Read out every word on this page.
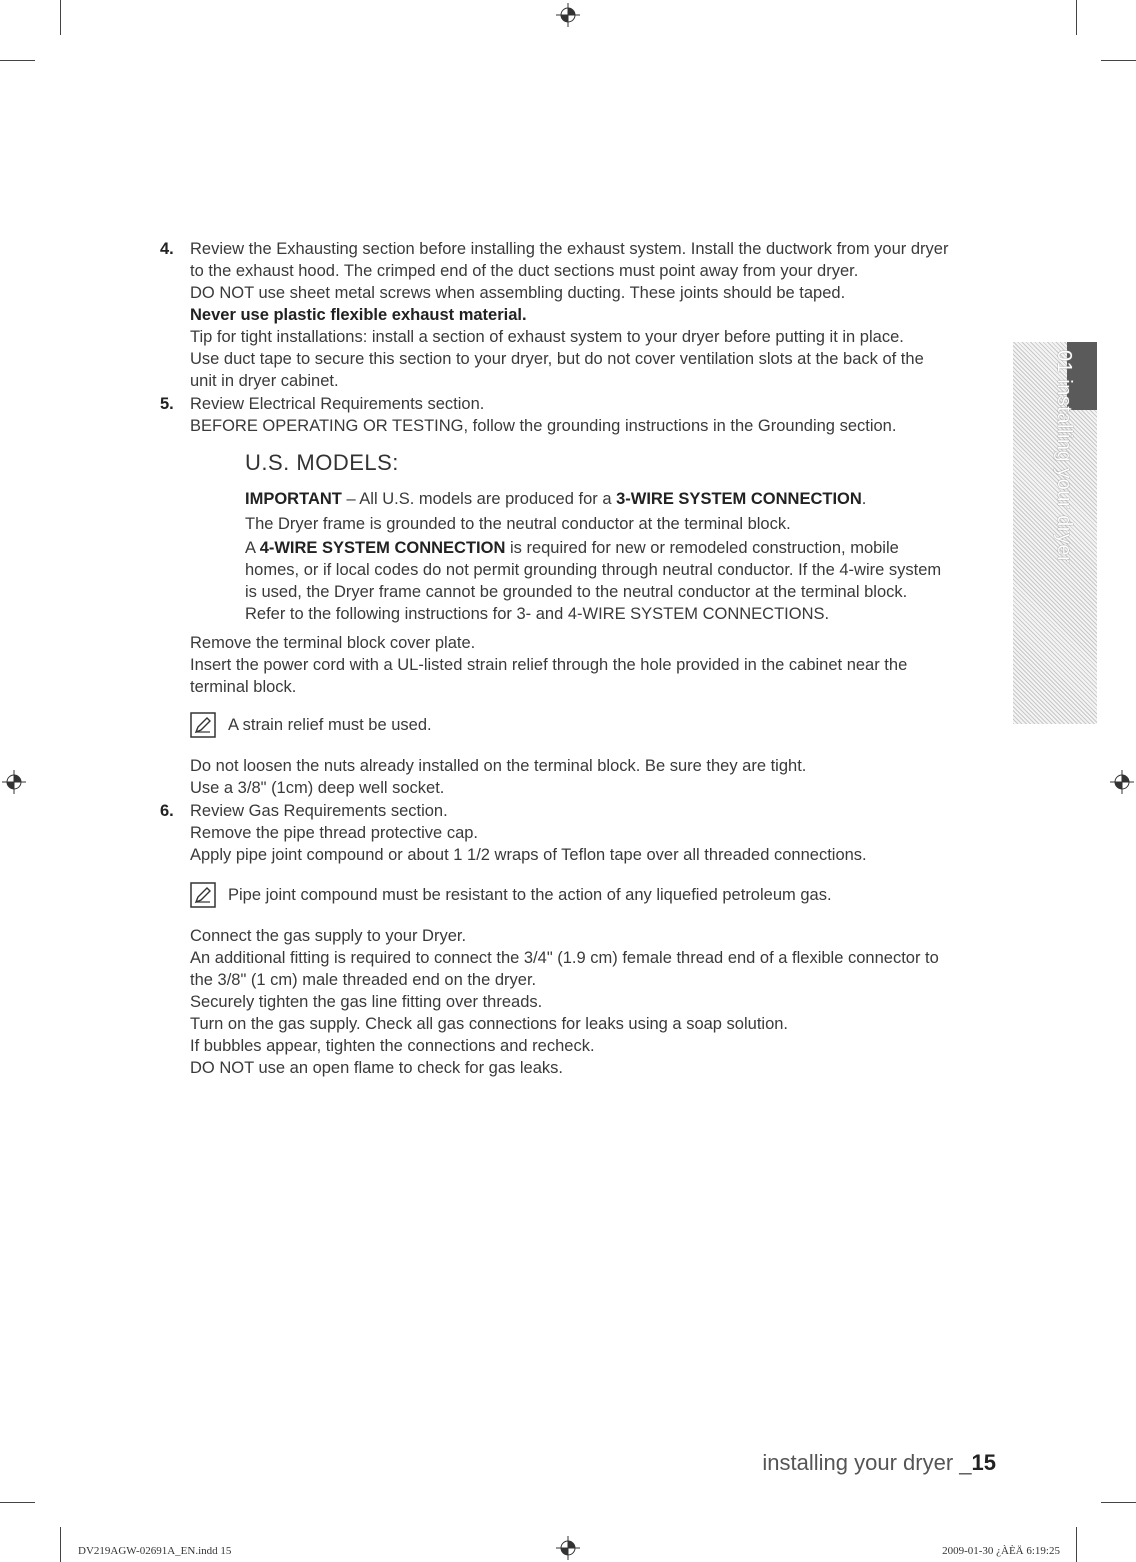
4. Review the Exhausting section before installing the exhaust system. Install the ductwork from your dryer
to the exhaust hood. The crimped end of the duct sections must point away from your dryer.
DO NOT use sheet metal screws when assembling ducting. These joints should be taped.
Never use plastic flexible exhaust material.
Tip for tight installations: install a section of exhaust system to your dryer before putting it in place.
Use duct tape to secure this section to your dryer, but do not cover ventilation slots at the back of the
unit in dryer cabinet.
5. Review Electrical Requirements section.
BEFORE OPERATING OR TESTING, follow the grounding instructions in the Grounding section.
U.S. MODELS:
IMPORTANT – All U.S. models are produced for a 3-WIRE SYSTEM CONNECTION.
The Dryer frame is grounded to the neutral conductor at the terminal block.
A 4-WIRE SYSTEM CONNECTION is required for new or remodeled construction, mobile
homes, or if local codes do not permit grounding through neutral conductor. If the 4-wire system
is used, the Dryer frame cannot be grounded to the neutral conductor at the terminal block.
Refer to the following instructions for 3- and 4-WIRE SYSTEM CONNECTIONS.
Remove the terminal block cover plate.
Insert the power cord with a UL-listed strain relief through the hole provided in the cabinet near the
terminal block.
A strain relief must be used.
Do not loosen the nuts already installed on the terminal block. Be sure they are tight.
Use a 3/8" (1cm) deep well socket.
6. Review Gas Requirements section.
Remove the pipe thread protective cap.
Apply pipe joint compound or about 1 1/2 wraps of Teflon tape over all threaded connections.
Pipe joint compound must be resistant to the action of any liquefied petroleum gas.
Connect the gas supply to your Dryer.
An additional fitting is required to connect the 3/4" (1.9 cm) female thread end of a flexible connector to
the 3/8" (1 cm) male threaded end on the dryer.
Securely tighten the gas line fitting over threads.
Turn on the gas supply. Check all gas connections for leaks using a soap solution.
If bubbles appear, tighten the connections and recheck.
DO NOT use an open flame to check for gas leaks.
01 installing your dryer
installing your dryer _15
DV219AGW-02691A_EN.indd 15	2009-01-30 ¿ÀÈÄ 6:19:25
